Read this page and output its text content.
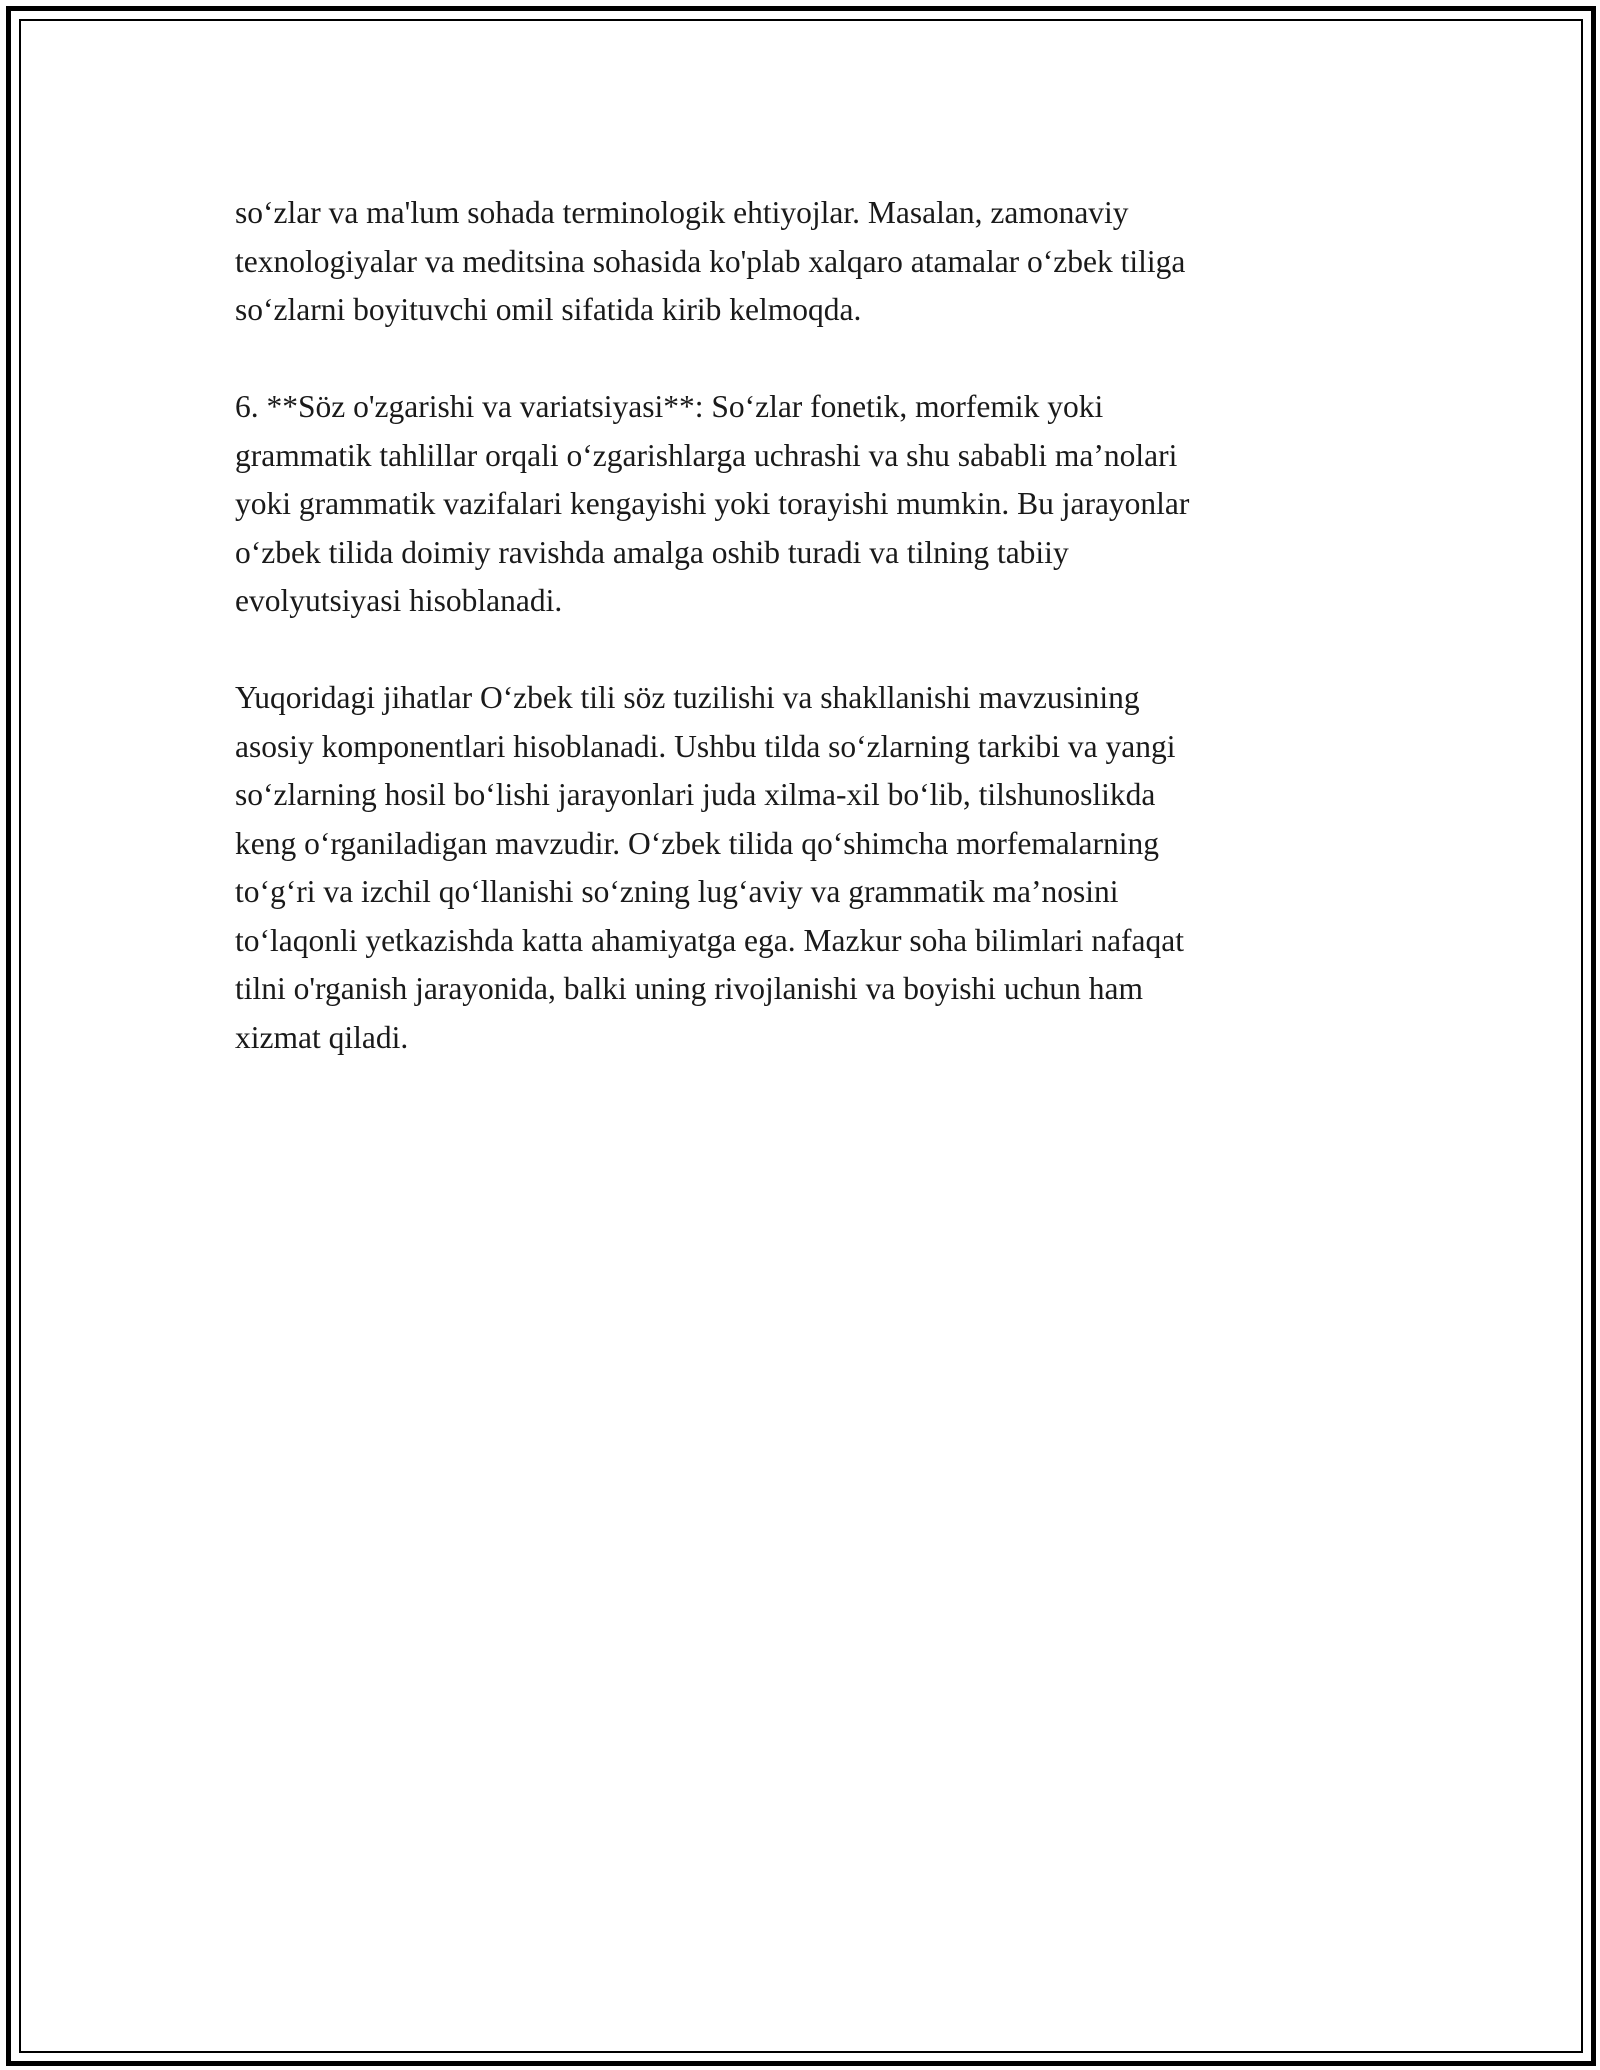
so‘zlar va ma'lum sohada terminologik ehtiyojlar. Masalan, zamonaviy
texnologiyalar va meditsina sohasida ko'plab xalqaro atamalar o‘zbek tiliga
so‘zlarni boyituvchi omil sifatida kirib kelmoqda.

6. **Söz o'zgarishi va variatsiyasi**: So‘zlar fonetik, morfemik yoki
grammatik tahlillar orqali o‘zgarishlarga uchrashi va shu sababli ma’nolari
yoki grammatik vazifalari kengayishi yoki torayishi mumkin. Bu jarayonlar
o‘zbek tilida doimiy ravishda amalga oshib turadi va tilning tabiiy
evolyutsiyasi hisoblanadi.

Yuqoridagi jihatlar O‘zbek tili söz tuzilishi va shakllanishi mavzusining
asosiy komponentlari hisoblanadi. Ushbu tilda so‘zlarning tarkibi va yangi
so‘zlarning hosil bo‘lishi jarayonlari juda xilma-xil bo‘lib, tilshunoslikda
keng o‘rganiladigan mavzudir. O‘zbek tilida qo‘shimcha morfemalarning
to‘g‘ri va izchil qo‘llanishi so‘zning lug‘aviy va grammatik ma’nosini
to‘laqonli yetkazishda katta ahamiyatga ega. Mazkur soha bilimlari nafaqat
tilni o'rganish jarayonida, balki uning rivojlanishi va boyishi uchun ham
xizmat qiladi.
